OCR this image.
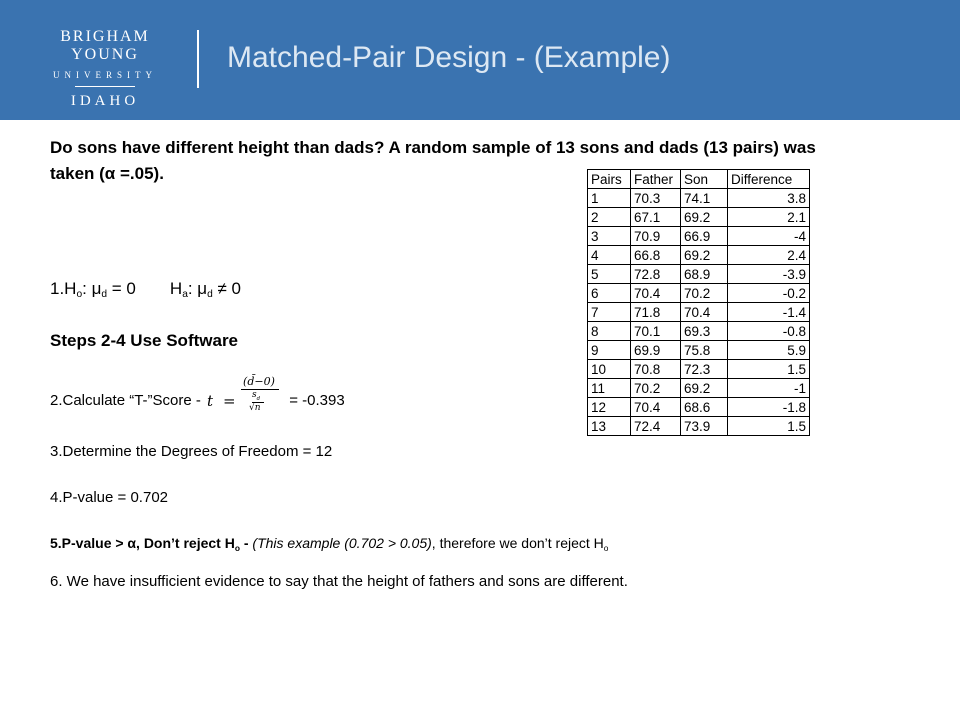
BRIGHAM YOUNG
UNIVERSITY
IDAHO
Matched-Pair Design - (Example)
Do sons have different height than dads? A random sample of 13 sons and dads (13 pairs) was taken (α =.05).
$1.H_o$: $\mu_d = 0$ $H_a$: $\mu_d \ne 0$
Steps 2-4 Use Software
2.Calculate “T-”Score - t =
(d̄−0)
$s_d$
√n = -0.393
3.Determine the Degrees of Freedom = 12
4.P-value = 0.702
5.P-value > α, Don’t reject $H_o$ - (This example (0.702 > 0.05), therefore we don’t reject $H_o$
6. We have insufficient evidence to say that the height of fathers and sons are different.
Pairs	Father	Son	Difference
1	70.3	74.1	3.8
2	67.1	69.2	2.1
3	70.9	66.9	-4
4	66.8	69.2	2.4
5	72.8	68.9	-3.9
6	70.4	70.2	-0.2
7	71.8	70.4	-1.4
8	70.1	69.3	-0.8
9	69.9	75.8	5.9
10	70.8	72.3	1.5
11	70.2	69.2	-1
12	70.4	68.6	-1.8
13	72.4	73.9	1.5
